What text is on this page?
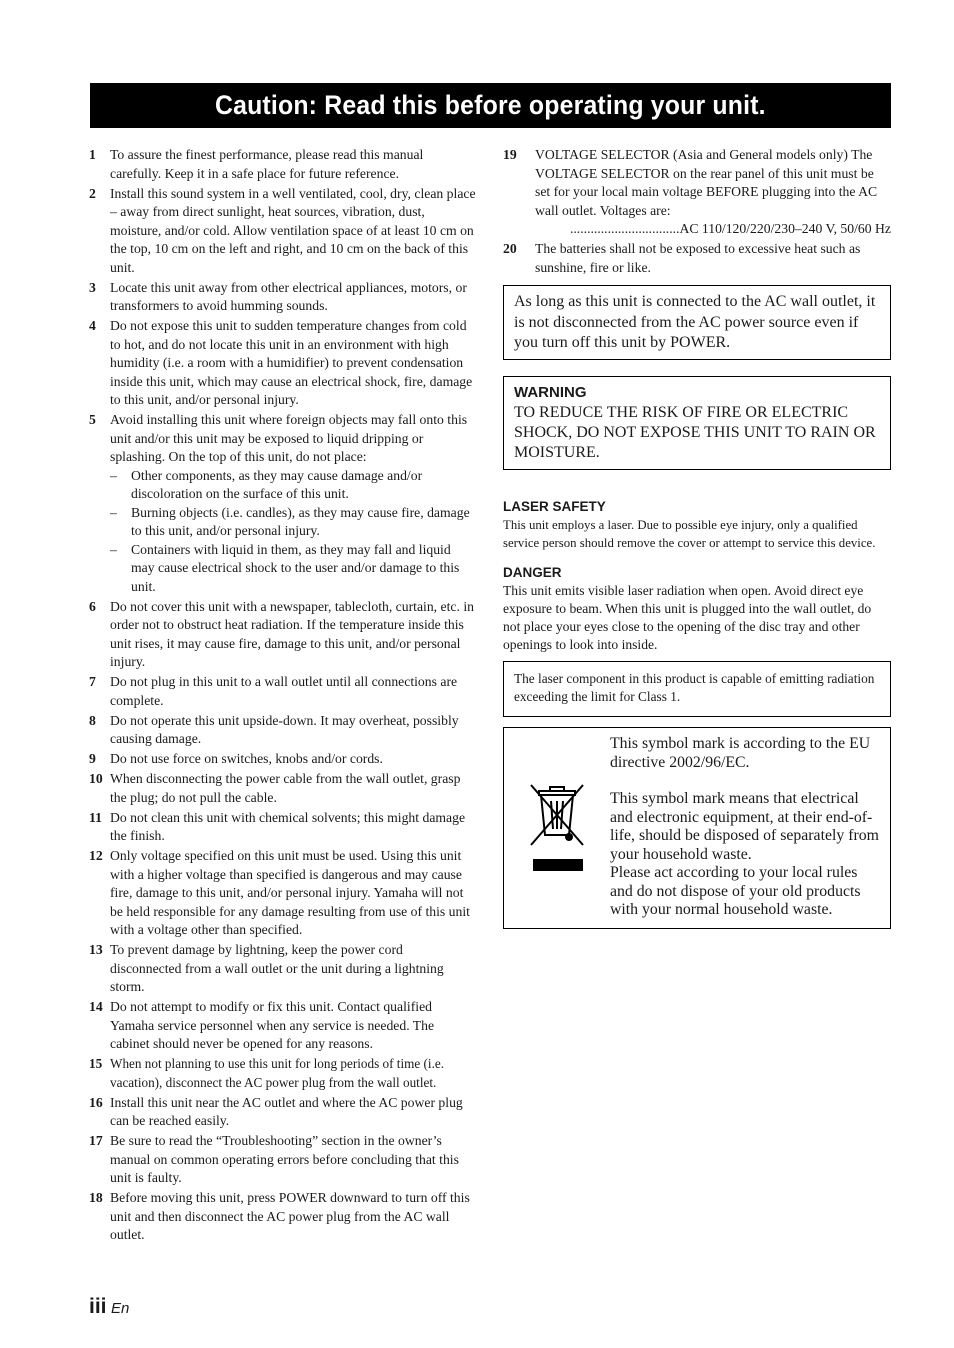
Caution: Read this before operating your unit.
1	To assure the finest performance, please read this manual carefully. Keep it in a safe place for future reference.
2	Install this sound system in a well ventilated, cool, dry, clean place – away from direct sunlight, heat sources, vibration, dust, moisture, and/or cold. Allow ventilation space of at least 10 cm on the top, 10 cm on the left and right, and 10 cm on the back of this unit.
3	Locate this unit away from other electrical appliances, motors, or transformers to avoid humming sounds.
4	Do not expose this unit to sudden temperature changes from cold to hot, and do not locate this unit in an environment with high humidity (i.e. a room with a humidifier) to prevent condensation inside this unit, which may cause an electrical shock, fire, damage to this unit, and/or personal injury.
5	Avoid installing this unit where foreign objects may fall onto this unit and/or this unit may be exposed to liquid dripping or splashing. On the top of this unit, do not place:
–	Other components, as they may cause damage and/or discoloration on the surface of this unit.
–	Burning objects (i.e. candles), as they may cause fire, damage to this unit, and/or personal injury.
–	Containers with liquid in them, as they may fall and liquid may cause electrical shock to the user and/or damage to this unit.
6	Do not cover this unit with a newspaper, tablecloth, curtain, etc. in order not to obstruct heat radiation. If the temperature inside this unit rises, it may cause fire, damage to this unit, and/or personal injury.
7	Do not plug in this unit to a wall outlet until all connections are complete.
8	Do not operate this unit upside-down. It may overheat, possibly causing damage.
9	Do not use force on switches, knobs and/or cords.
10 When disconnecting the power cable from the wall outlet, grasp the plug; do not pull the cable.
11 Do not clean this unit with chemical solvents; this might damage the finish.
12 Only voltage specified on this unit must be used. Using this unit with a higher voltage than specified is dangerous and may cause fire, damage to this unit, and/or personal injury. Yamaha will not be held responsible for any damage resulting from use of this unit with a voltage other than specified.
13 To prevent damage by lightning, keep the power cord disconnected from a wall outlet or the unit during a lightning storm.
14 Do not attempt to modify or fix this unit. Contact qualified Yamaha service personnel when any service is needed. The cabinet should never be opened for any reasons.
15 When not planning to use this unit for long periods of time (i.e. vacation), disconnect the AC power plug from the wall outlet.
16 Install this unit near the AC outlet and where the AC power plug can be reached easily.
17 Be sure to read the “Troubleshooting” section in the owner’s manual on common operating errors before concluding that this unit is faulty.
18 Before moving this unit, press POWER downward to turn off this unit and then disconnect the AC power plug from the AC wall outlet.
19	VOLTAGE SELECTOR (Asia and General models only) The VOLTAGE SELECTOR on the rear panel of this unit must be set for your local main voltage BEFORE plugging into the AC wall outlet. Voltages are:
................................AC 110/120/220/230–240 V, 50/60 Hz
20	The batteries shall not be exposed to excessive heat such as sunshine, fire or like.
As long as this unit is connected to the AC wall outlet, it is not disconnected from the AC power source even if you turn off this unit by POWER.
WARNING
TO REDUCE THE RISK OF FIRE OR ELECTRIC SHOCK, DO NOT EXPOSE THIS UNIT TO RAIN OR MOISTURE.
LASER SAFETY
This unit employs a laser. Due to possible eye injury, only a qualified service person should remove the cover or attempt to service this device.
DANGER
This unit emits visible laser radiation when open. Avoid direct eye exposure to beam. When this unit is plugged into the wall outlet, do not place your eyes close to the opening of the disc tray and other openings to look into inside.
The laser component in this product is capable of emitting radiation exceeding the limit for Class 1.

This symbol mark is according to the EU directive 2002/96/EC.

This symbol mark means that electrical and electronic equipment, at their end-of-life, should be disposed of separately from your household waste.

Please act according to your local rules and do not dispose of your old products with your normal household waste.

iii En
